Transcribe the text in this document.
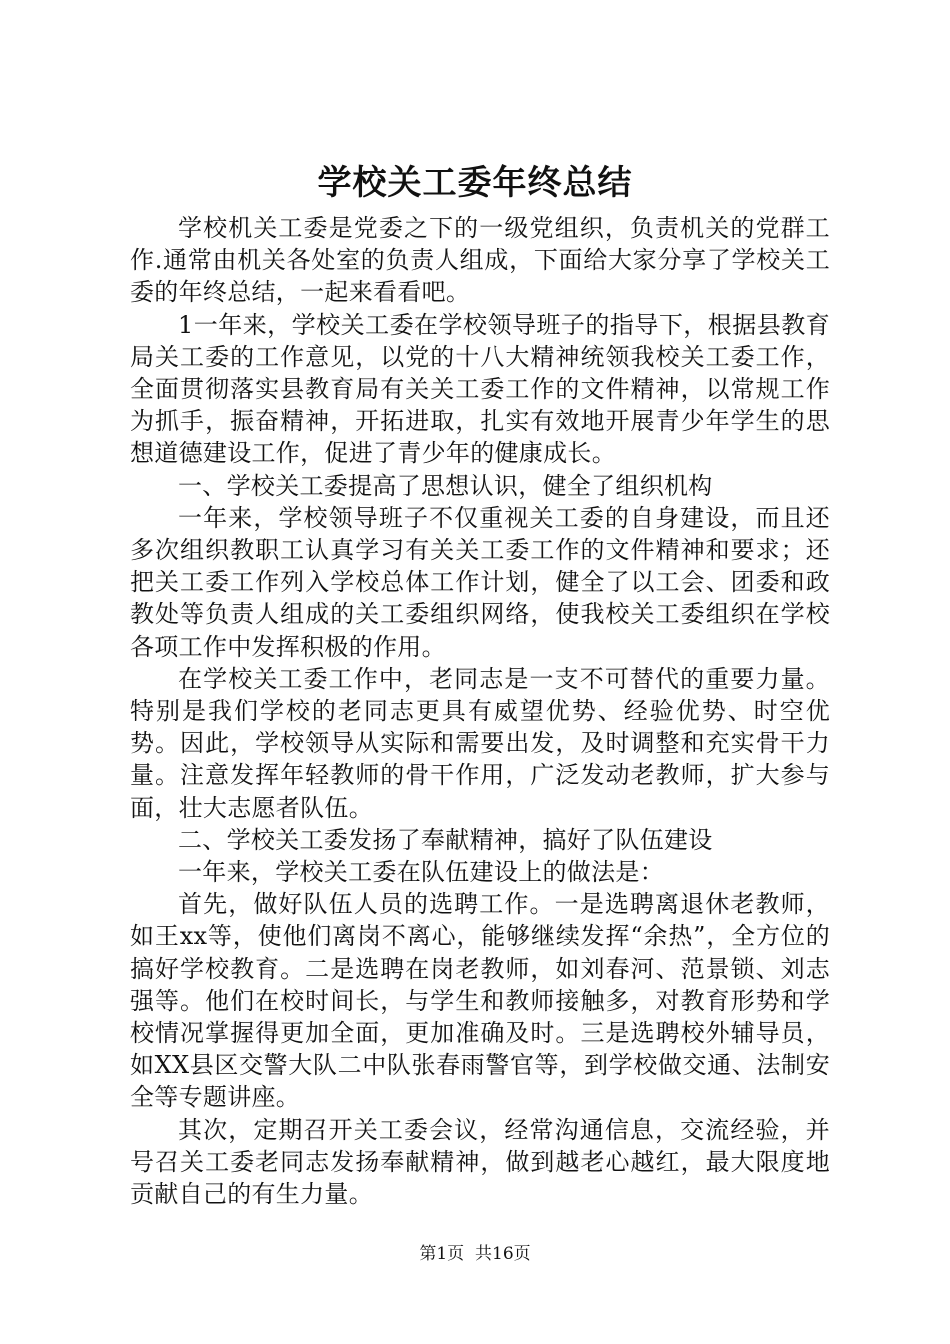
学校关工委年终总结

学校机关工委是党委之下的一级党组织，负责机关的党群工作.通常由机关各处室的负责人组成，下面给大家分享了学校关工委的年终总结，一起来看看吧。

1一年来，学校关工委在学校领导班子的指导下，根据县教育局关工委的工作意见，以党的十八大精神统领我校关工委工作，全面贯彻落实县教育局有关关工委工作的文件精神，以常规工作为抓手，振奋精神，开拓进取，扎实有效地开展青少年学生的思想道德建设工作，促进了青少年的健康成长。

一、学校关工委提高了思想认识，健全了组织机构

一年来，学校领导班子不仅重视关工委的自身建设，而且还多次组织教职工认真学习有关关工委工作的文件精神和要求；还把关工委工作列入学校总体工作计划，健全了以工会、团委和政教处等负责人组成的关工委组织网络，使我校关工委组织在学校各项工作中发挥积极的作用。

在学校关工委工作中，老同志是一支不可替代的重要力量。特别是我们学校的老同志更具有威望优势、经验优势、时空优势。因此，学校领导从实际和需要出发，及时调整和充实骨干力量。注意发挥年轻教师的骨干作用，广泛发动老教师，扩大参与面，壮大志愿者队伍。

二、学校关工委发扬了奉献精神，搞好了队伍建设

一年来，学校关工委在队伍建设上的做法是：

首先，做好队伍人员的选聘工作。一是选聘离退休老教师，如王xx等，使他们离岗不离心，能够继续发挥“余热”，全方位的搞好学校教育。二是选聘在岗老教师，如刘春河、范景锁、刘志强等。他们在校时间长，与学生和教师接触多，对教育形势和学校情况掌握得更加全面，更加准确及时。三是选聘校外辅导员，如XX县区交警大队二中队张春雨警官等，到学校做交通、法制安全等专题讲座。

其次，定期召开关工委会议，经常沟通信息，交流经验，并号召关工委老同志发扬奉献精神，做到越老心越红，最大限度地贡献自己的有生力量。

第1页 共16页
